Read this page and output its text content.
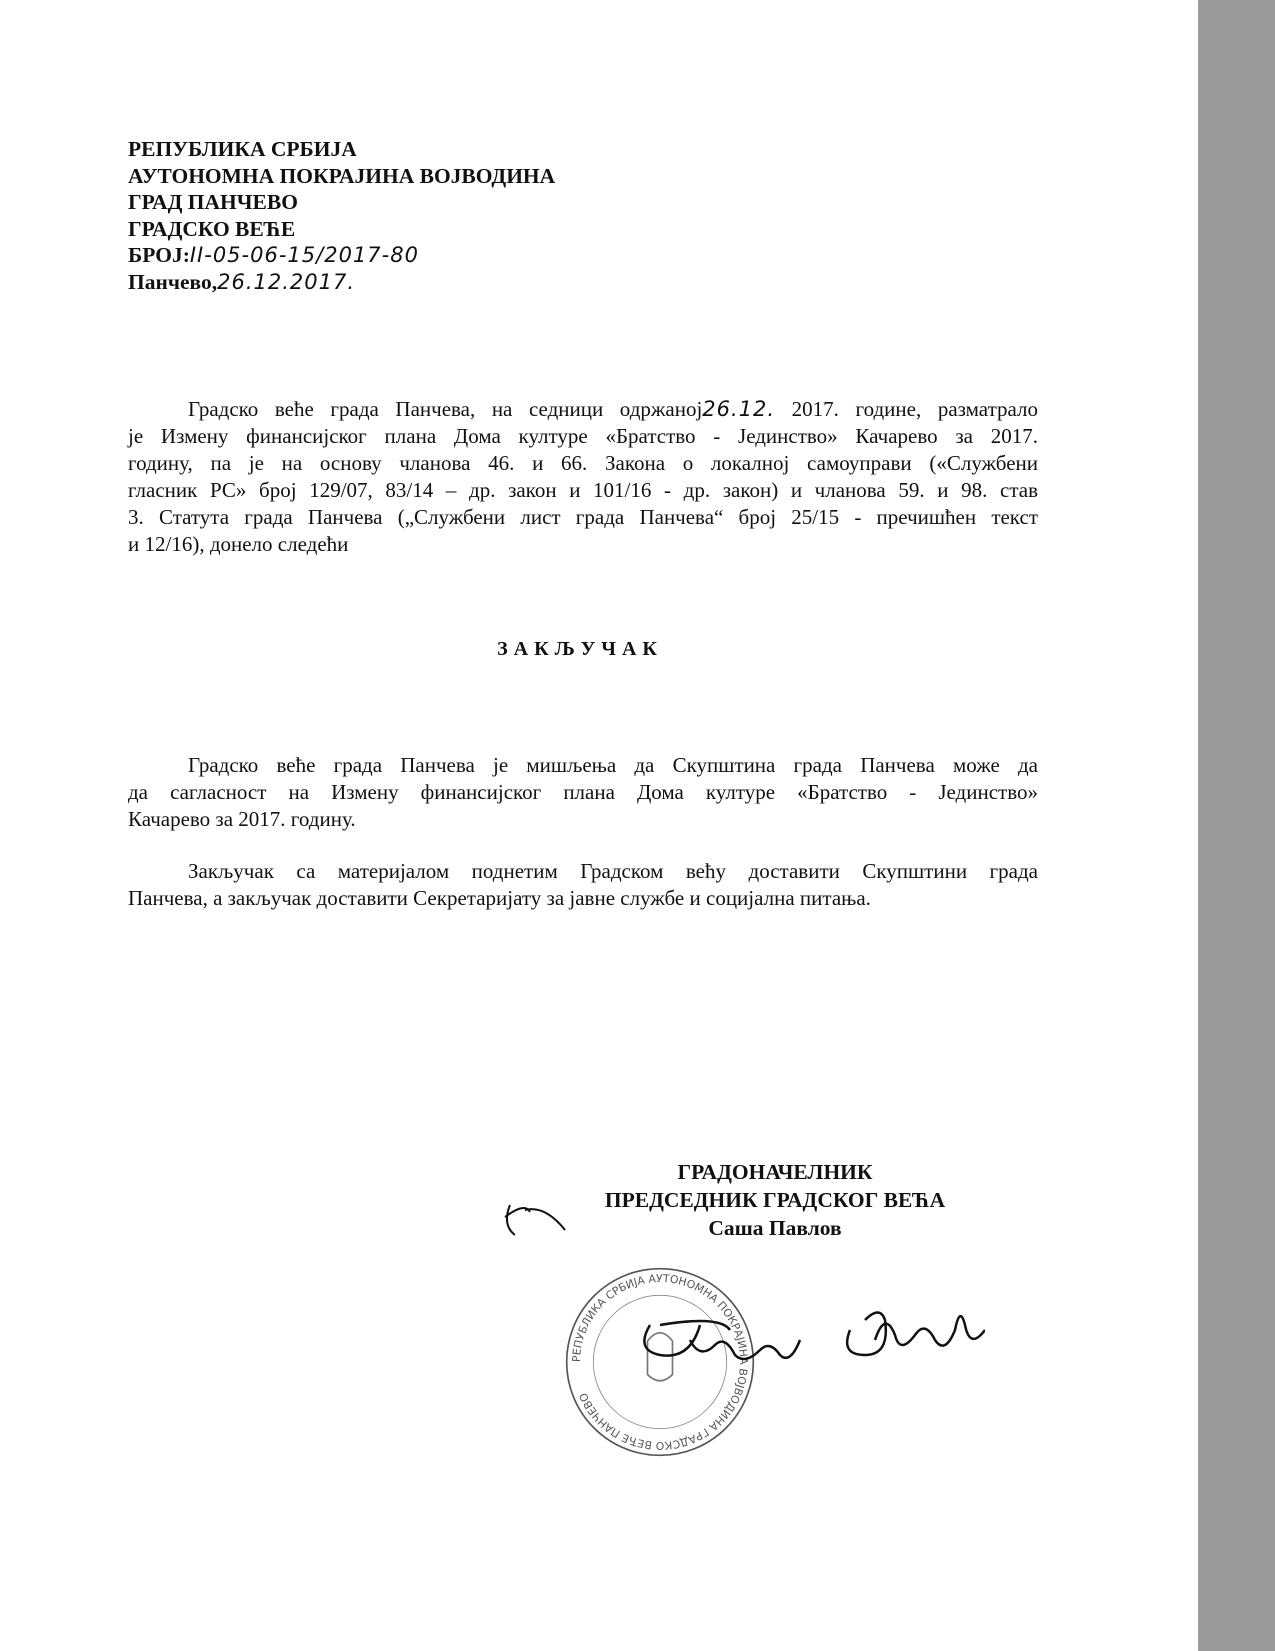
РЕПУБЛИКА СРБИЈА
АУТОНОМНА ПОКРАЈИНА ВОЈВОДИНА
ГРАД ПАНЧЕВО
ГРАДСКО ВЕЋЕ
БРОЈ:II-05-06-15/2017-80
Панчево,26.12.2017.
Градско веће града Панчева, на седници одржаној26.12. 2017. године, разматрало
је Измену финансијског плана Дома културе «Братство - Јединство» Качарево за 2017.
годину, па је на основу чланова 46. и 66. Закона о локалној самоуправи («Службени
гласник РС» број 129/07, 83/14 – др. закон и 101/16 - др. закон) и чланова 59. и 98. став
3. Статута града Панчева („Службени лист града Панчева“ број 25/15 - пречишћен текст
и 12/16), донело следећи
ЗАКЉУЧАК
Градско веће града Панчева је мишљења да Скупштина града Панчева може да
да сагласност на Измену финансијског плана Дома културе «Братство - Јединство»
Качарево за 2017. годину.
Закључак са материјалом поднетим Градском већу доставити Скупштини града
Панчева, а закључак доставити Секретаријату за јавне службе и социјална питања.
ГРАДОНАЧЕЛНИК
ПРЕДСЕДНИК ГРАДСКОГ ВЕЋА
Саша Павлов
РЕПУБЛИКА СРБИЈА АУТОНОМНА ПОКРАЈИНА ВОЈВОДИНА ГРАДСКО ВЕЋЕ ПАНЧЕВО
